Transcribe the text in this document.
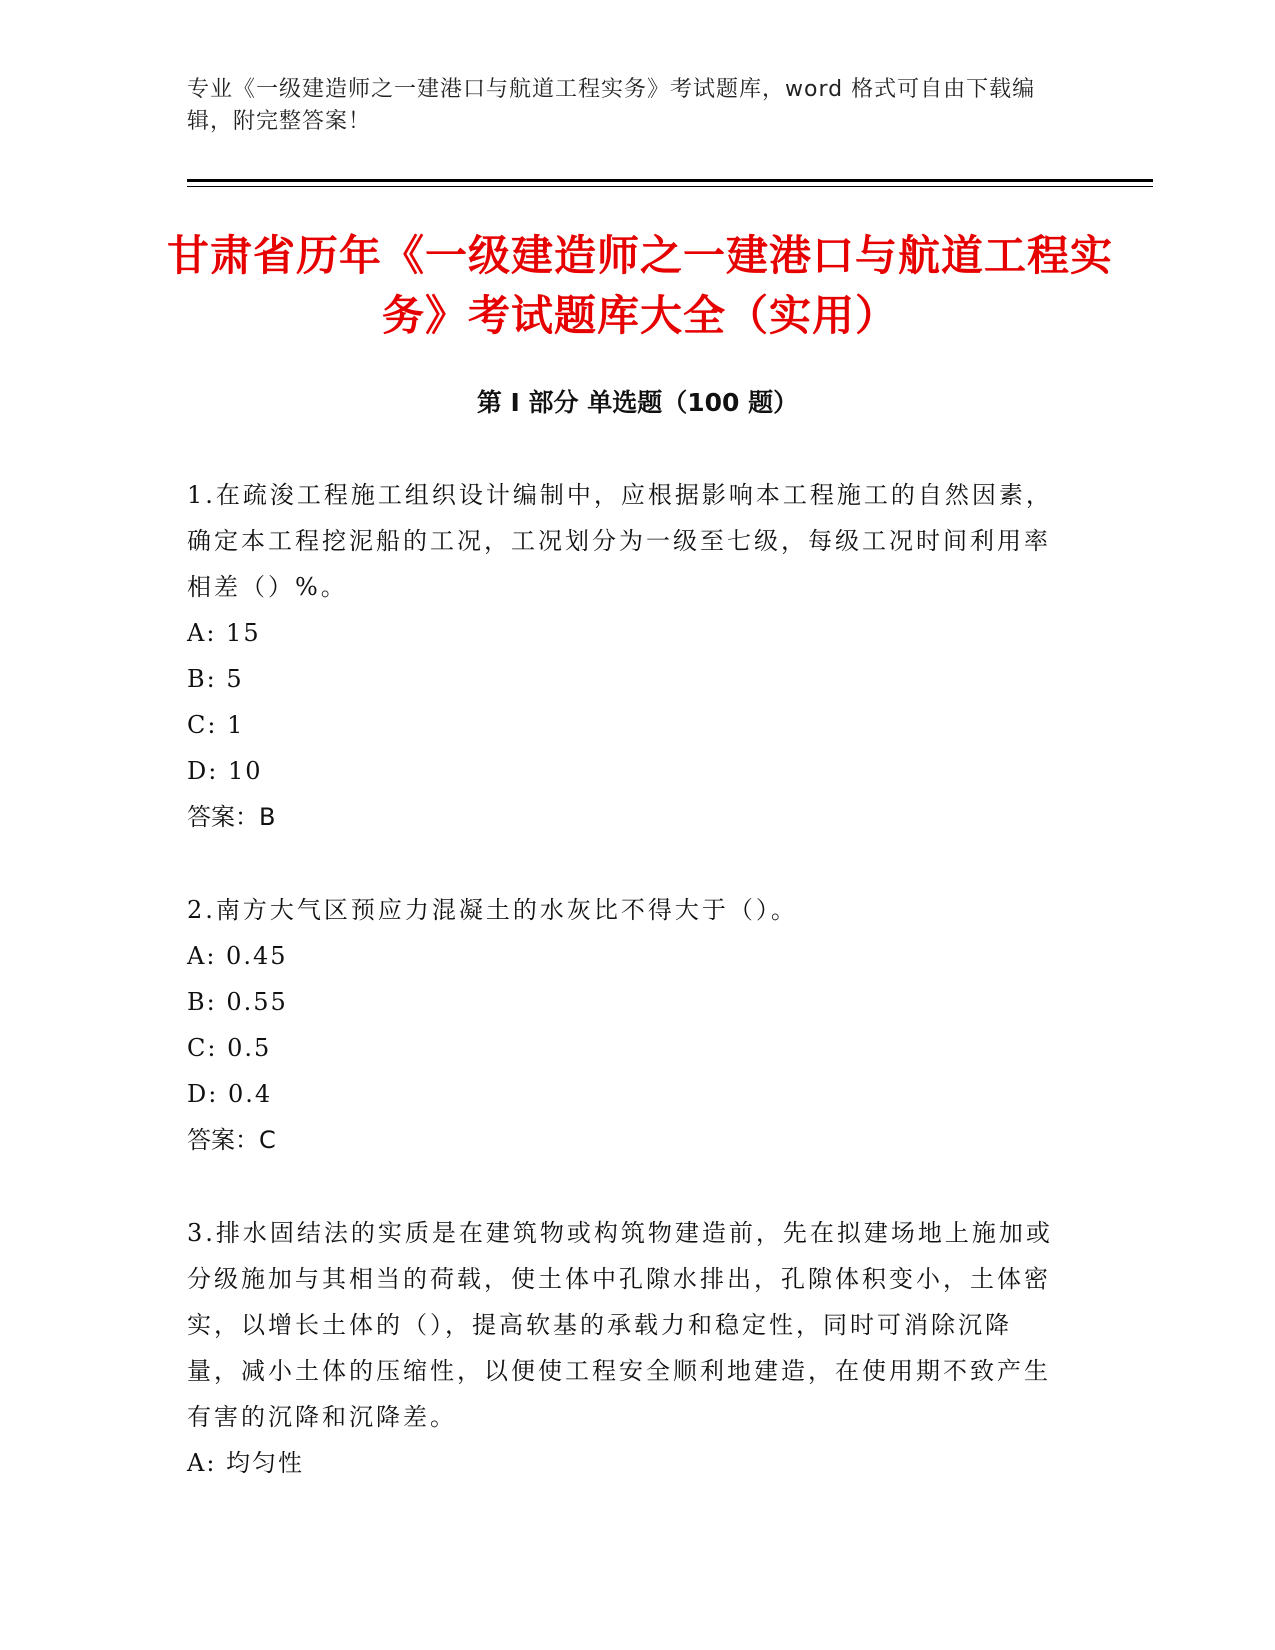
专业《一级建造师之一建港口与航道工程实务》考试题库，word 格式可自由下载编辑，附完整答案！
甘肃省历年《一级建造师之一建港口与航道工程实务》考试题库大全（实用）
第 I 部分 单选题（100 题）

1.在疏浚工程施工组织设计编制中，应根据影响本工程施工的自然因素，确定本工程挖泥船的工况，工况划分为一级至七级，每级工况时间利用率相差（）%。

A: 15

B: 5

C: 1

D: 10

答案：B

2.南方大气区预应力混凝土的水灰比不得大于（）。

A: 0.45

B: 0.55

C: 0.5

D: 0.4

答案：C

3.排水固结法的实质是在建筑物或构筑物建造前，先在拟建场地上施加或分级施加与其相当的荷载，使土体中孔隙水排出，孔隙体积变小，土体密实，以增长土体的（），提高软基的承载力和稳定性，同时可消除沉降量，减小土体的压缩性，以便使工程安全顺利地建造，在使用期不致产生有害的沉降和沉降差。

A: 均匀性
